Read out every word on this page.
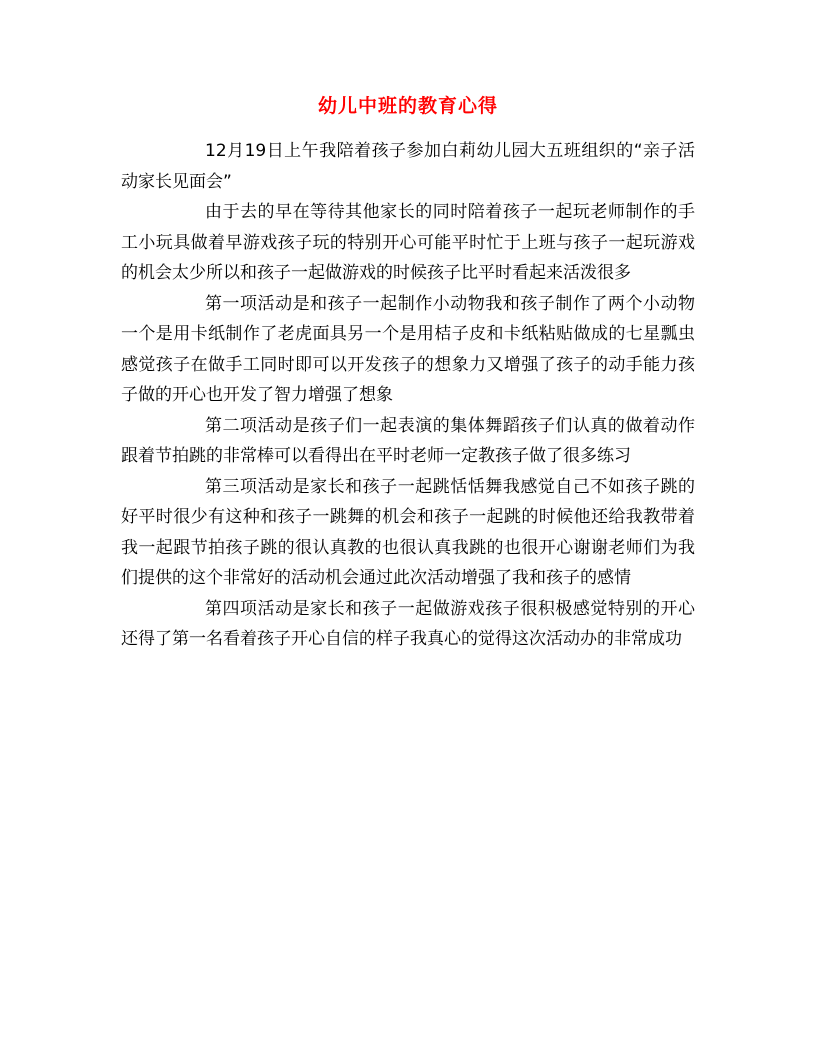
幼儿中班的教育心得

12月19日上午我陪着孩子参加白莉幼儿园大五班组织的“亲子活动家长见面会”

由于去的早在等待其他家长的同时陪着孩子一起玩老师制作的手工小玩具做着早游戏孩子玩的特别开心可能平时忙于上班与孩子一起玩游戏的机会太少所以和孩子一起做游戏的时候孩子比平时看起来活泼很多

第一项活动是和孩子一起制作小动物我和孩子制作了两个小动物一个是用卡纸制作了老虎面具另一个是用桔子皮和卡纸粘贴做成的七星瓢虫感觉孩子在做手工同时即可以开发孩子的想象力又增强了孩子的动手能力孩子做的开心也开发了智力增强了想象

第二项活动是孩子们一起表演的集体舞蹈孩子们认真的做着动作跟着节拍跳的非常棒可以看得出在平时老师一定教孩子做了很多练习

第三项活动是家长和孩子一起跳恬恬舞我感觉自己不如孩子跳的好平时很少有这种和孩子一跳舞的机会和孩子一起跳的时候他还给我教带着我一起跟节拍孩子跳的很认真教的也很认真我跳的也很开心谢谢老师们为我们提供的这个非常好的活动机会通过此次活动增强了我和孩子的感情

第四项活动是家长和孩子一起做游戏孩子很积极感觉特别的开心还得了第一名看着孩子开心自信的样子我真心的觉得这次活动办的非常成功
